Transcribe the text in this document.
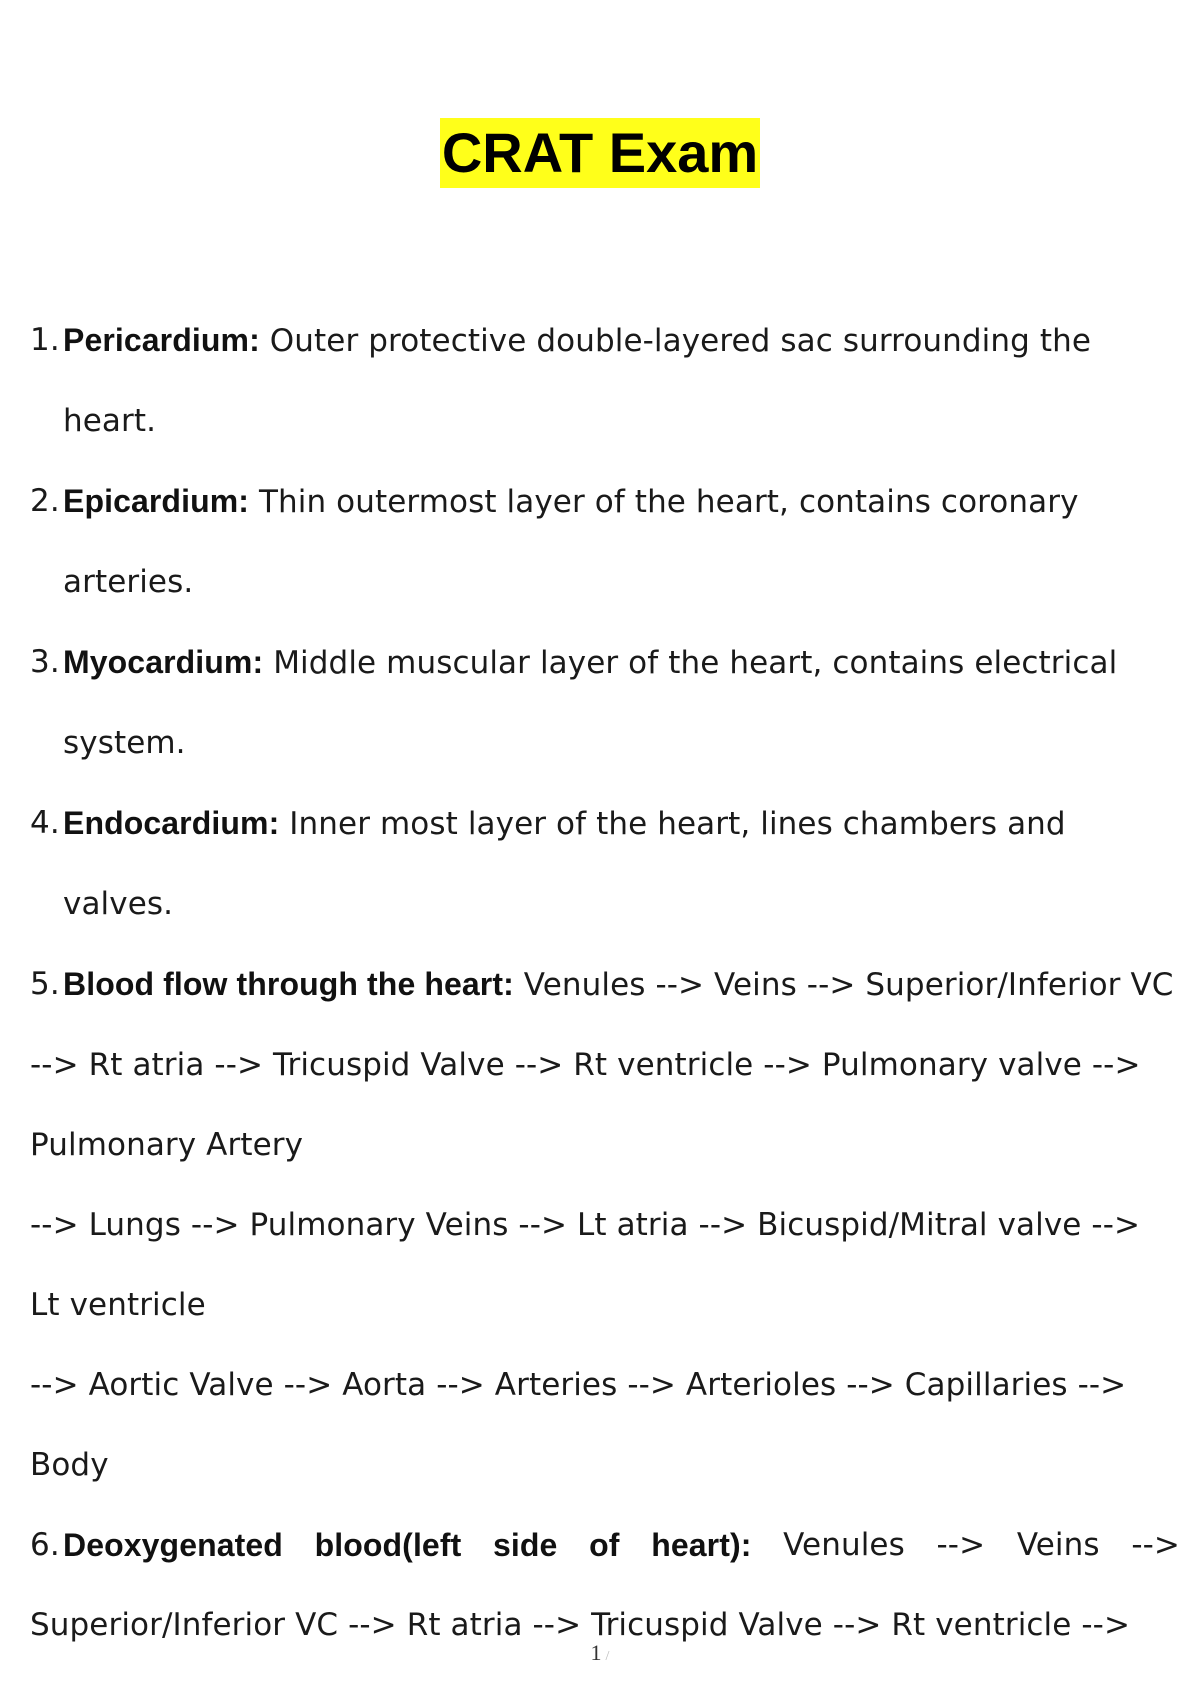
CRAT Exam
1. Pericardium: Outer protective double-layered sac surrounding the
heart.
2. Epicardium: Thin outermost layer of the heart, contains coronary
arteries.
3. Myocardium: Middle muscular layer of the heart, contains electrical
system.
4. Endocardium: Inner most layer of the heart, lines chambers and valves.
5. Blood flow through the heart: Venules --> Veins --> Superior/Inferior VC
--> Rt atria --> Tricuspid Valve --> Rt ventricle --> Pulmonary valve -->
Pulmonary Artery
--> Lungs --> Pulmonary Veins --> Lt atria --> Bicuspid/Mitral valve -->
Lt ventricle
--> Aortic Valve --> Aorta --> Arteries --> Arterioles --> Capillaries -->
Body
6. Deoxygenated blood(left side of heart): Venules --> Veins -->
Superior/Inferior VC --> Rt atria --> Tricuspid Valve --> Rt ventricle -->
1 /
